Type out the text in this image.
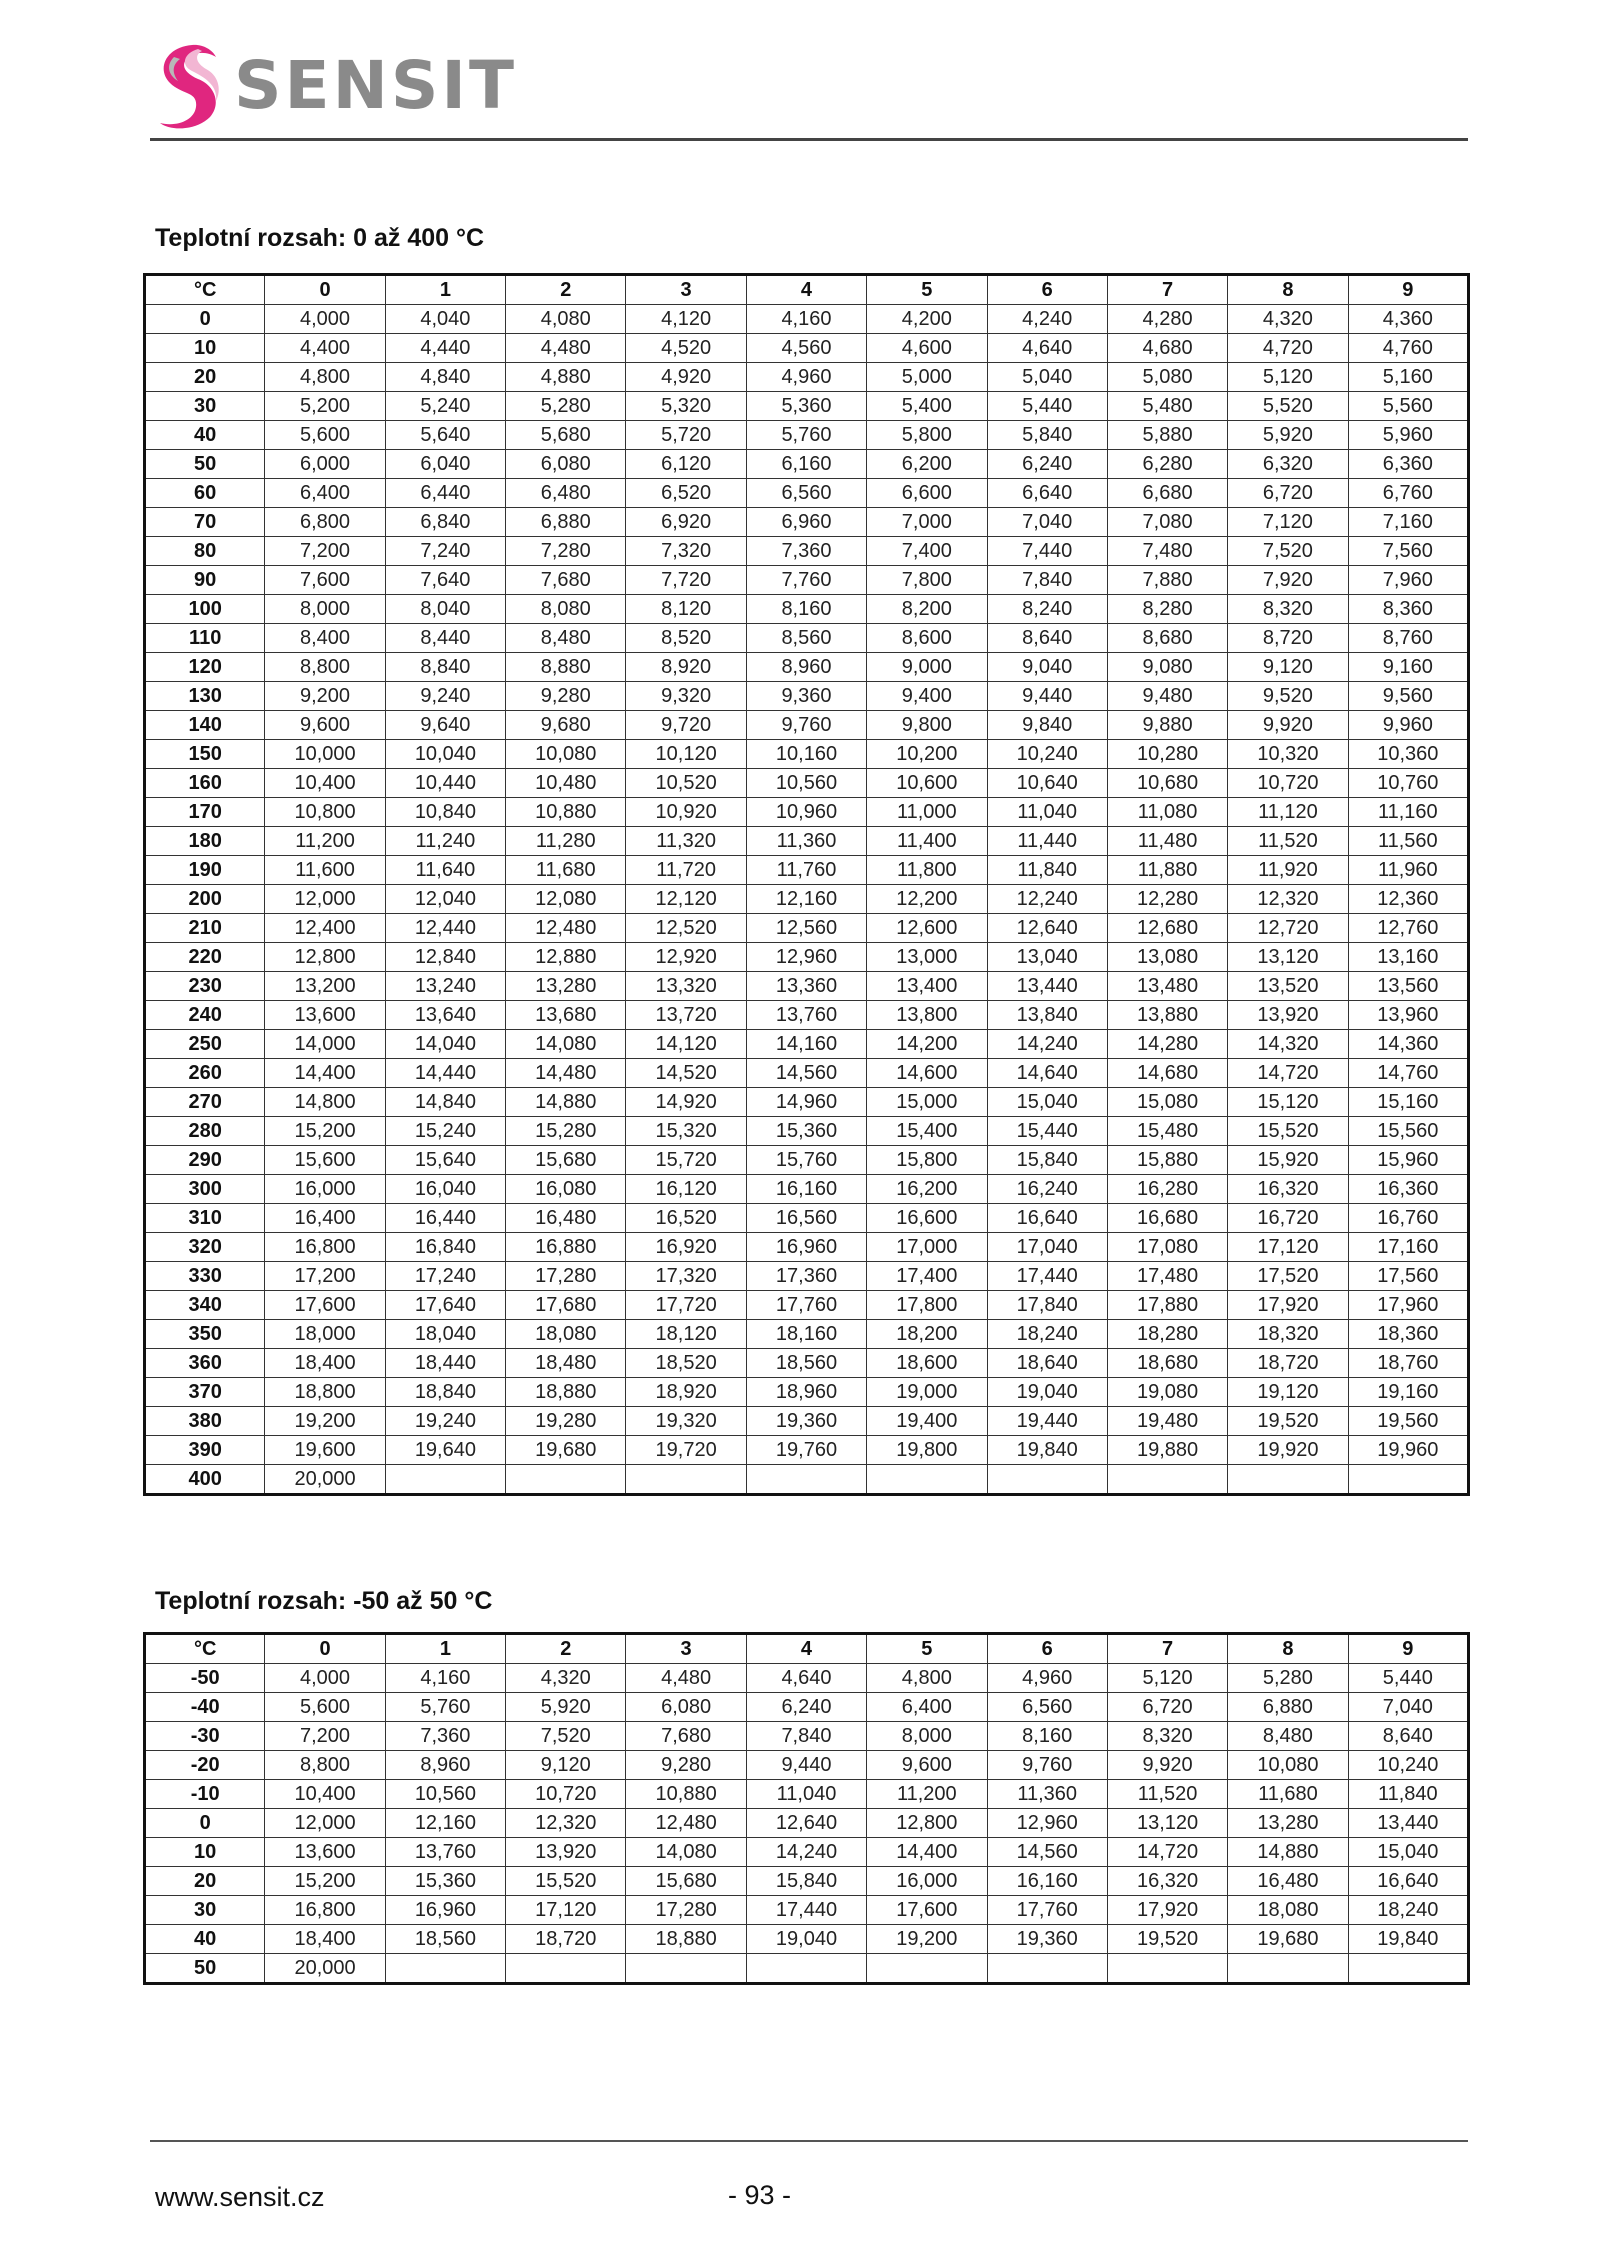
SENSIT
Teplotní rozsah: 0 až 400 °C
°C	0	1	2	3	4	5	6	7	8	9
0	4,000	4,040	4,080	4,120	4,160	4,200	4,240	4,280	4,320	4,360
10	4,400	4,440	4,480	4,520	4,560	4,600	4,640	4,680	4,720	4,760
20	4,800	4,840	4,880	4,920	4,960	5,000	5,040	5,080	5,120	5,160
30	5,200	5,240	5,280	5,320	5,360	5,400	5,440	5,480	5,520	5,560
40	5,600	5,640	5,680	5,720	5,760	5,800	5,840	5,880	5,920	5,960
50	6,000	6,040	6,080	6,120	6,160	6,200	6,240	6,280	6,320	6,360
60	6,400	6,440	6,480	6,520	6,560	6,600	6,640	6,680	6,720	6,760
70	6,800	6,840	6,880	6,920	6,960	7,000	7,040	7,080	7,120	7,160
80	7,200	7,240	7,280	7,320	7,360	7,400	7,440	7,480	7,520	7,560
90	7,600	7,640	7,680	7,720	7,760	7,800	7,840	7,880	7,920	7,960
100	8,000	8,040	8,080	8,120	8,160	8,200	8,240	8,280	8,320	8,360
110	8,400	8,440	8,480	8,520	8,560	8,600	8,640	8,680	8,720	8,760
120	8,800	8,840	8,880	8,920	8,960	9,000	9,040	9,080	9,120	9,160
130	9,200	9,240	9,280	9,320	9,360	9,400	9,440	9,480	9,520	9,560
140	9,600	9,640	9,680	9,720	9,760	9,800	9,840	9,880	9,920	9,960
150	10,000	10,040	10,080	10,120	10,160	10,200	10,240	10,280	10,320	10,360
160	10,400	10,440	10,480	10,520	10,560	10,600	10,640	10,680	10,720	10,760
170	10,800	10,840	10,880	10,920	10,960	11,000	11,040	11,080	11,120	11,160
180	11,200	11,240	11,280	11,320	11,360	11,400	11,440	11,480	11,520	11,560
190	11,600	11,640	11,680	11,720	11,760	11,800	11,840	11,880	11,920	11,960
200	12,000	12,040	12,080	12,120	12,160	12,200	12,240	12,280	12,320	12,360
210	12,400	12,440	12,480	12,520	12,560	12,600	12,640	12,680	12,720	12,760
220	12,800	12,840	12,880	12,920	12,960	13,000	13,040	13,080	13,120	13,160
230	13,200	13,240	13,280	13,320	13,360	13,400	13,440	13,480	13,520	13,560
240	13,600	13,640	13,680	13,720	13,760	13,800	13,840	13,880	13,920	13,960
250	14,000	14,040	14,080	14,120	14,160	14,200	14,240	14,280	14,320	14,360
260	14,400	14,440	14,480	14,520	14,560	14,600	14,640	14,680	14,720	14,760
270	14,800	14,840	14,880	14,920	14,960	15,000	15,040	15,080	15,120	15,160
280	15,200	15,240	15,280	15,320	15,360	15,400	15,440	15,480	15,520	15,560
290	15,600	15,640	15,680	15,720	15,760	15,800	15,840	15,880	15,920	15,960
300	16,000	16,040	16,080	16,120	16,160	16,200	16,240	16,280	16,320	16,360
310	16,400	16,440	16,480	16,520	16,560	16,600	16,640	16,680	16,720	16,760
320	16,800	16,840	16,880	16,920	16,960	17,000	17,040	17,080	17,120	17,160
330	17,200	17,240	17,280	17,320	17,360	17,400	17,440	17,480	17,520	17,560
340	17,600	17,640	17,680	17,720	17,760	17,800	17,840	17,880	17,920	17,960
350	18,000	18,040	18,080	18,120	18,160	18,200	18,240	18,280	18,320	18,360
360	18,400	18,440	18,480	18,520	18,560	18,600	18,640	18,680	18,720	18,760
370	18,800	18,840	18,880	18,920	18,960	19,000	19,040	19,080	19,120	19,160
380	19,200	19,240	19,280	19,320	19,360	19,400	19,440	19,480	19,520	19,560
390	19,600	19,640	19,680	19,720	19,760	19,800	19,840	19,880	19,920	19,960
400	20,000									
Teplotní rozsah: -50 až 50 °C
°C	0	1	2	3	4	5	6	7	8	9
-50	4,000	4,160	4,320	4,480	4,640	4,800	4,960	5,120	5,280	5,440
-40	5,600	5,760	5,920	6,080	6,240	6,400	6,560	6,720	6,880	7,040
-30	7,200	7,360	7,520	7,680	7,840	8,000	8,160	8,320	8,480	8,640
-20	8,800	8,960	9,120	9,280	9,440	9,600	9,760	9,920	10,080	10,240
-10	10,400	10,560	10,720	10,880	11,040	11,200	11,360	11,520	11,680	11,840
0	12,000	12,160	12,320	12,480	12,640	12,800	12,960	13,120	13,280	13,440
10	13,600	13,760	13,920	14,080	14,240	14,400	14,560	14,720	14,880	15,040
20	15,200	15,360	15,520	15,680	15,840	16,000	16,160	16,320	16,480	16,640
30	16,800	16,960	17,120	17,280	17,440	17,600	17,760	17,920	18,080	18,240
40	18,400	18,560	18,720	18,880	19,040	19,200	19,360	19,520	19,680	19,840
50	20,000									
www.sensit.cz	- 93 -
